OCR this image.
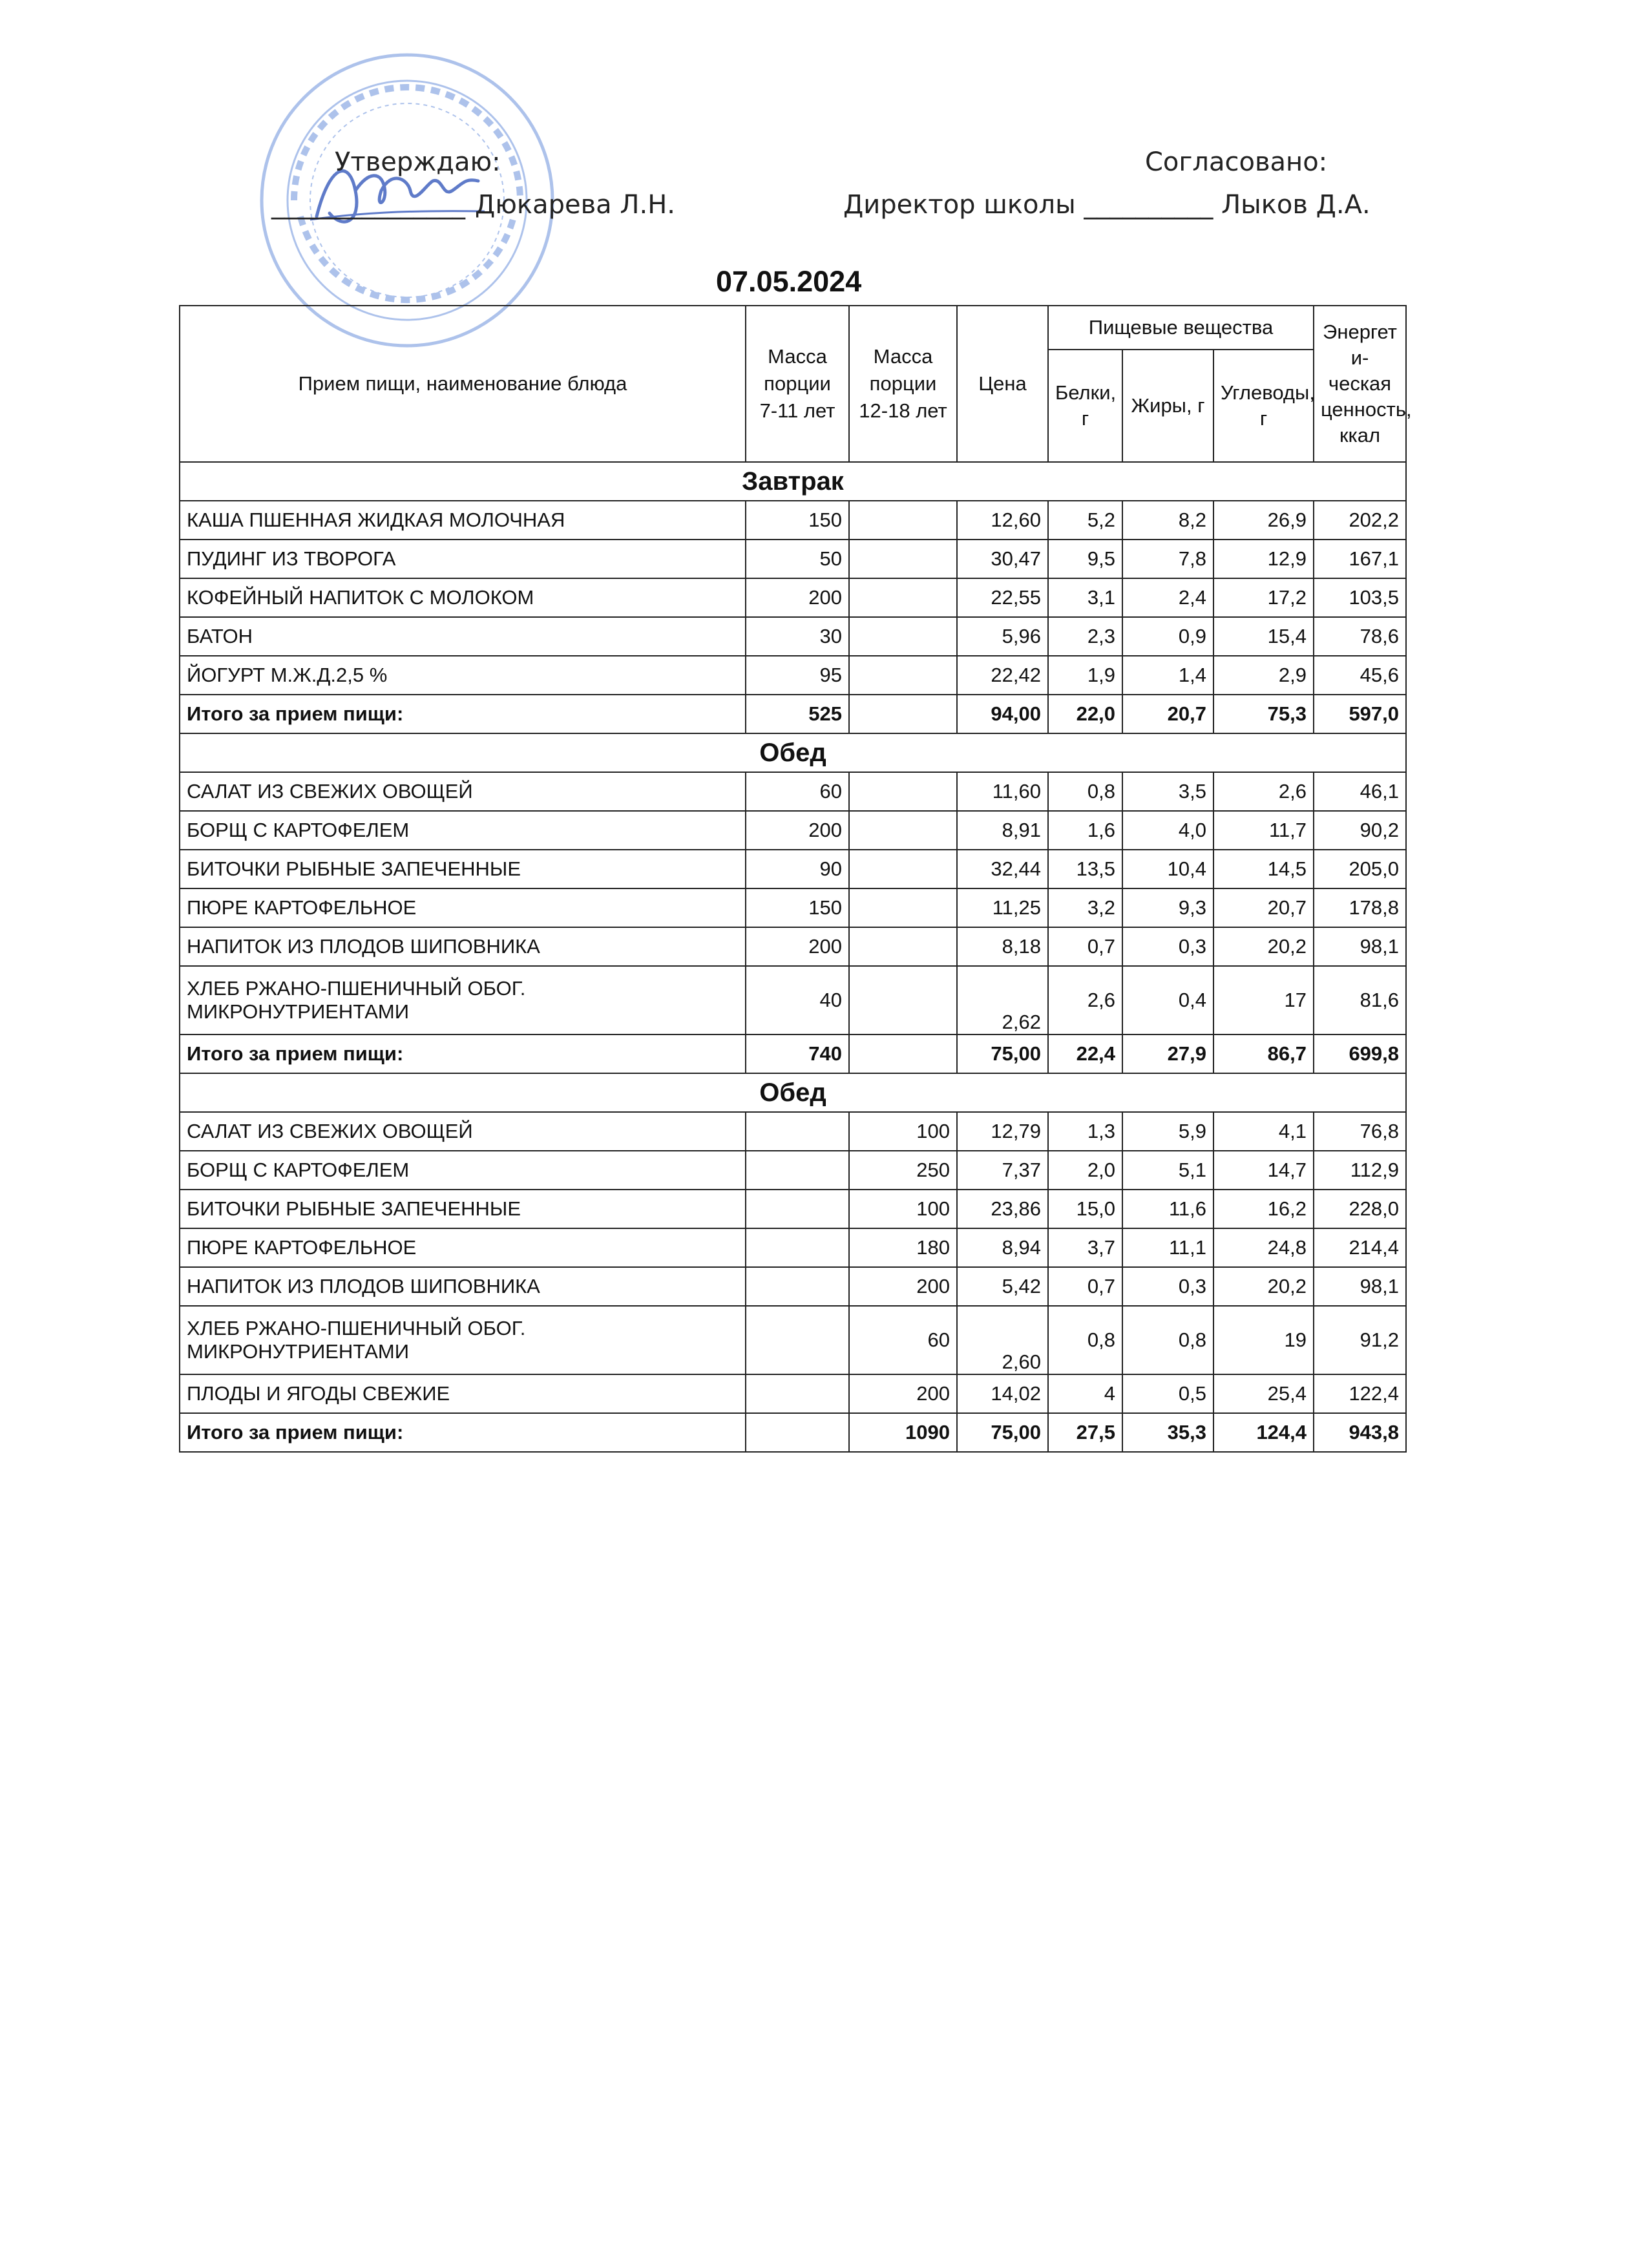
Утверждаю:
_______________ Дюкарева Л.Н.
Согласовано:
Директор школы __________ Лыков Д.А.
07.05.2024
Прием пищи, наименование блюда	Масса порции 7-11 лет	Масса порции 12-18 лет	Цена	Пищевые вещества			Энергет и-ческая ценность, ккал
				Белки, г	Жиры, г	Углеводы, г	
Завтрак							
КАША ПШЕННАЯ ЖИДКАЯ МОЛОЧНАЯ	150		12,60	5,2	8,2	26,9	202,2
ПУДИНГ ИЗ ТВОРОГА	50		30,47	9,5	7,8	12,9	167,1
КОФЕЙНЫЙ НАПИТОК С МОЛОКОМ	200		22,55	3,1	2,4	17,2	103,5
БАТОН	30		5,96	2,3	0,9	15,4	78,6
ЙОГУРТ М.Ж.Д.2,5 %	95		22,42	1,9	1,4	2,9	45,6
Итого за прием пищи:	525		94,00	22,0	20,7	75,3	597,0
Обед							
САЛАТ ИЗ СВЕЖИХ ОВОЩЕЙ	60		11,60	0,8	3,5	2,6	46,1
БОРЩ С КАРТОФЕЛЕМ	200		8,91	1,6	4,0	11,7	90,2
БИТОЧКИ РЫБНЫЕ ЗАПЕЧЕННЫЕ	90		32,44	13,5	10,4	14,5	205,0
ПЮРЕ КАРТОФЕЛЬНОЕ	150		11,25	3,2	9,3	20,7	178,8
НАПИТОК ИЗ ПЛОДОВ ШИПОВНИКА	200		8,18	0,7	0,3	20,2	98,1
ХЛЕБ РЖАНО-ПШЕНИЧНЫЙ ОБОГ. МИКРОНУТРИЕНТАМИ	40		2,62	2,6	0,4	17	81,6
Итого за прием пищи:	740		75,00	22,4	27,9	86,7	699,8
Обед							
САЛАТ ИЗ СВЕЖИХ ОВОЩЕЙ		100	12,79	1,3	5,9	4,1	76,8
БОРЩ С КАРТОФЕЛЕМ		250	7,37	2,0	5,1	14,7	112,9
БИТОЧКИ РЫБНЫЕ ЗАПЕЧЕННЫЕ		100	23,86	15,0	11,6	16,2	228,0
ПЮРЕ КАРТОФЕЛЬНОЕ		180	8,94	3,7	11,1	24,8	214,4
НАПИТОК ИЗ ПЛОДОВ ШИПОВНИКА		200	5,42	0,7	0,3	20,2	98,1
ХЛЕБ РЖАНО-ПШЕНИЧНЫЙ ОБОГ. МИКРОНУТРИЕНТАМИ		60	2,60	0,8	0,8	19	91,2
ПЛОДЫ И ЯГОДЫ СВЕЖИЕ		200	14,02	4	0,5	25,4	122,4
Итого за прием пищи:		1090	75,00	27,5	35,3	124,4	943,8
